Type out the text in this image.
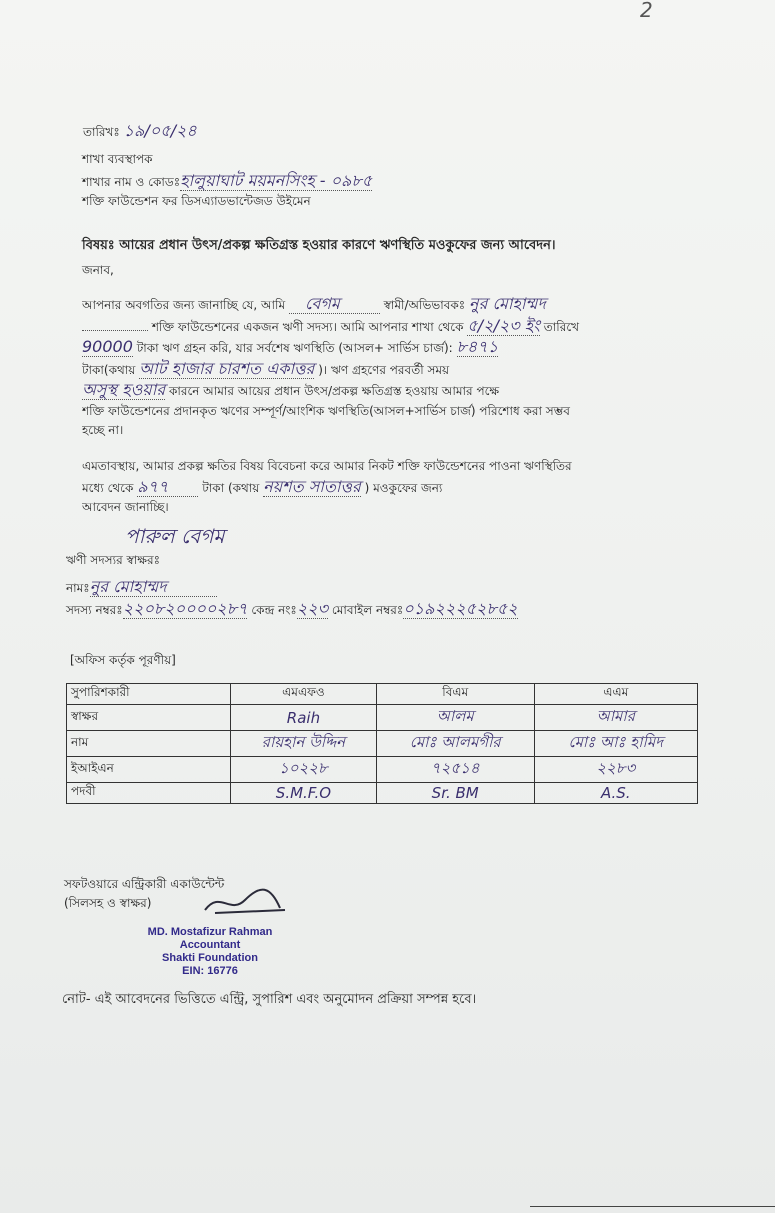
2
তারিখঃ ১৯/০৫/২৪
শাখা ব্যবস্থাপক
শাখার নাম ও কোডঃহালুয়াঘাট ময়মনসিংহ - ০৯৮৫
শক্তি ফাউন্ডেশন ফর ডিসএ্যাডভান্টেজড উইমেন
বিষয়ঃ আয়ের প্রধান উৎস/প্রকল্প ক্ষতিগ্রস্ত হওয়ার কারণে ঋণস্থিতি মওকুফের জন্য আবেদন।
জনাব,
আপনার অবগতির জন্য জানাচ্ছি যে, আমি বেগম	স্বামী/অভিভাবকঃ নুর মোহাম্মদ
শক্তি ফাউন্ডেশনের একজন ঋণী সদস্য। আমি আপনার শাখা থেকে ৫/২/২৩ ইং তারিখে
90000 টাকা ঋণ গ্রহন করি, যার সর্বশেষ ঋণস্থিতি (আসল+ সার্ভিস চার্জ): ৮৪৭১
টাকা(কথায় আট হাজার চারশত একাত্তর )। ঋণ গ্রহণের পরবর্তী সময়
অসুস্থ হওয়ার কারনে আমার আয়ের প্রধান উৎস/প্রকল্প ক্ষতিগ্রস্ত হওয়ায় আমার পক্ষে
শক্তি ফাউন্ডেশনের প্রদানকৃত ঋণের সম্পূর্ণ/আংশিক ঋণস্থিতি(আসল+সার্ভিস চার্জ) পরিশোধ করা সম্ভব
হচ্ছে না।
এমতাবস্থায়, আমার প্রকল্প ক্ষতির বিষয় বিবেচনা করে আমার নিকট শক্তি ফাউন্ডেশনের পাওনা ঋণস্থিতির
মধ্যে থেকে ৯৭৭	টাকা (কথায় নয়শত সাতাত্তর ) মওকুফের জন্য
আবেদন জানাচ্ছি।
পারুল বেগম
ঋণী সদস্যর স্বাক্ষরঃ
নামঃনুর মোহাম্মদ
সদস্য নম্বরঃ২২০৮২০০০০২৮৭ কেন্দ্র নংঃ২২৩ মোবাইল নম্বরঃ০১৯২২২৫২৮৫২
[অফিস কর্তৃক পূরণীয়]
সুপারিশকারী	এমএফও	বিএম	এএম
স্বাক্ষর	Raih	আলম	আমার
নাম	রায়হান উদ্দিন	মোঃ আলমগীর	মোঃ আঃ হামিদ
ইআইএন	১০২২৮	৭২৫১৪	২২৮৩
পদবী	S.M.F.O	Sr. BM	A.S.
সফটওয়ারে এন্ট্রিকারী একাউন্টেন্ট
(সিলসহ ও স্বাক্ষর)
MD. Mostafizur Rahman
Accountant
Shakti Foundation
EIN: 16776
নোট- এই আবেদনের ভিত্তিতে এন্ট্রি, সুপারিশ এবং অনুমোদন প্রক্রিয়া সম্পন্ন হবে।
